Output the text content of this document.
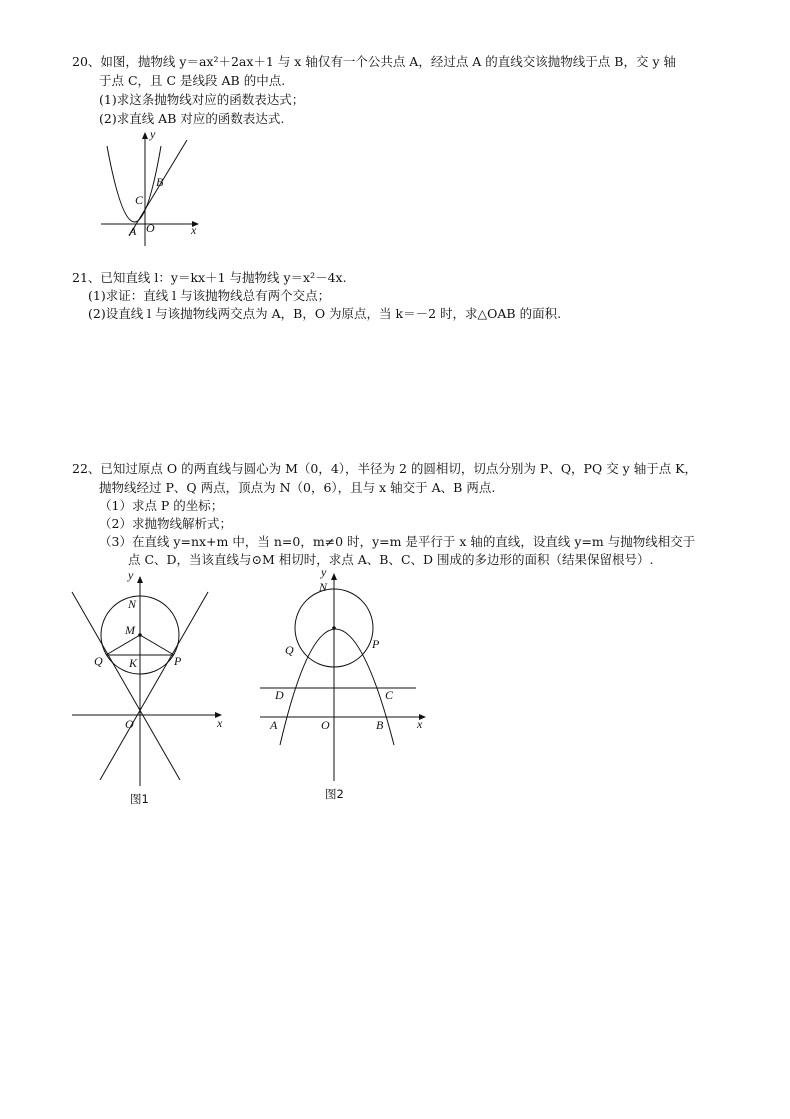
20、如图，抛物线 y＝ax²＋2ax＋1 与 x 轴仅有一个公共点 A，经过点 A 的直线交该抛物线于点 B，交 y 轴
于点 C，且 C 是线段 AB 的中点.
(1)求这条抛物线对应的函数表达式；
(2)求直线 AB 对应的函数表达式.
y
x
B
C
A O
21、已知直线 l：y＝kx＋1 与抛物线 y＝x²－4x.
(1)求证：直线 l 与该抛物线总有两个交点；
(2)设直线 l 与该抛物线两交点为 A，B，O 为原点，当 k＝－2 时，求△OAB 的面积.
22、已知过原点 O 的两直线与圆心为 M（0，4），半径为 2 的圆相切，切点分别为 P、Q，PQ 交 y 轴于点 K，
抛物线经过 P、Q 两点，顶点为 N（0，6），且与 x 轴交于 A、B 两点.
（1）求点 P 的坐标；
（2）求抛物线解析式；
（3）在直线 y=nx+m 中，当 n=0，m≠0 时，y=m 是平行于 x 轴的直线，设直线 y=m 与抛物线相交于
点 C、D，当该直线与⊙M 相切时，求点 A、B、C、D 围成的多边形的面积（结果保留根号）.
y
x
N
M
Q K	P
O
图1
y
N
x
Q	P
D	C
A	O	B
图2
